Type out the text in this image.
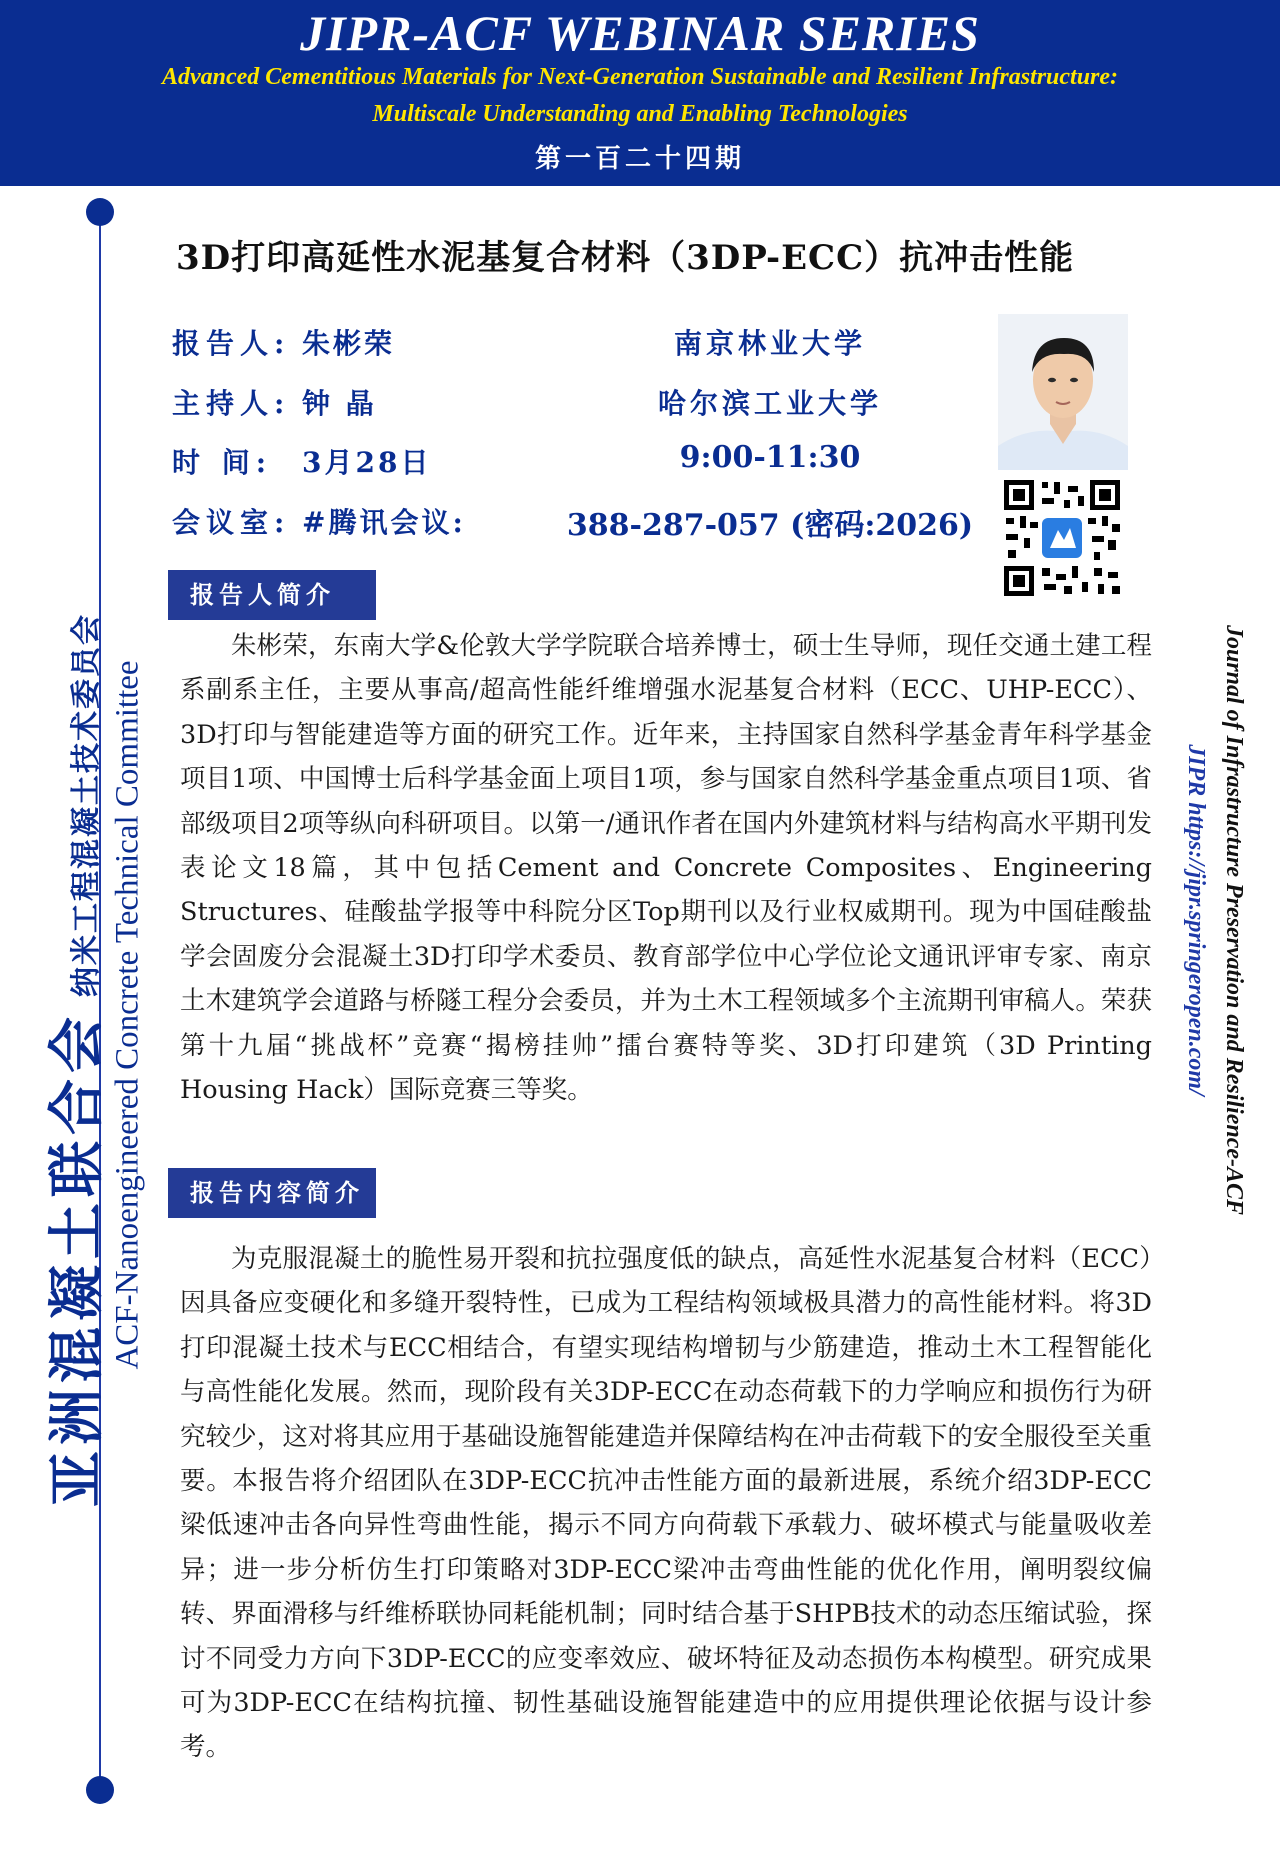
JIPR-ACF WEBINAR SERIES
Advanced Cementitious Materials for Next-Generation Sustainable and Resilient Infrastructure:
Multiscale Understanding and Enabling Technologies
第一百二十四期
亚洲混凝土联合会纳米工程混凝土技术委员会 ACF-Nanoengineered Concrete Technical Committee	Journal of Infrastructure Preservation and Resilience-ACF
JIPR https://jipr.springeropen.com/
3D打印高延性水泥基复合材料（3DP-ECC）抗冲击性能
报告人: 朱彬荣	南京林业大学
主持人: 钟 晶	哈尔滨工业大学
时 间: 3月28日	9:00-11:30
会议室: #腾讯会议:	388-287-057 (密码:2026)
报告人简介
朱彬荣，东南大学&伦敦大学学院联合培养博士，硕士生导师，现任交通土建工程系副系主任，主要从事高/超高性能纤维增强水泥基复合材料（ECC、UHP-ECC）、3D打印与智能建造等方面的研究工作。近年来，主持国家自然科学基金青年科学基金项目1项、中国博士后科学基金面上项目1项，参与国家自然科学基金重点项目1项、省部级项目2项等纵向科研项目。以第一/通讯作者在国内外建筑材料与结构高水平期刊发表论文18篇，其中包括Cement and Concrete Composites、Engineering Structures、硅酸盐学报等中科院分区Top期刊以及行业权威期刊。现为中国硅酸盐学会固废分会混凝土3D打印学术委员、教育部学位中心学位论文通讯评审专家、南京土木建筑学会道路与桥隧工程分会委员，并为土木工程领域多个主流期刊审稿人。荣获第十九届“挑战杯”竞赛“揭榜挂帅”擂台赛特等奖、3D打印建筑（3D Printing Housing Hack）国际竞赛三等奖。
报告内容简介
为克服混凝土的脆性易开裂和抗拉强度低的缺点，高延性水泥基复合材料（ECC）因具备应变硬化和多缝开裂特性，已成为工程结构领域极具潜力的高性能材料。将3D打印混凝土技术与ECC相结合，有望实现结构增韧与少筋建造，推动土木工程智能化与高性能化发展。然而，现阶段有关3DP-ECC在动态荷载下的力学响应和损伤行为研究较少，这对将其应用于基础设施智能建造并保障结构在冲击荷载下的安全服役至关重要。本报告将介绍团队在3DP-ECC抗冲击性能方面的最新进展，系统介绍3DP-ECC梁低速冲击各向异性弯曲性能，揭示不同方向荷载下承载力、破坏模式与能量吸收差异；进一步分析仿生打印策略对3DP-ECC梁冲击弯曲性能的优化作用，阐明裂纹偏转、界面滑移与纤维桥联协同耗能机制；同时结合基于SHPB技术的动态压缩试验，探讨不同受力方向下3DP-ECC的应变率效应、破坏特征及动态损伤本构模型。研究成果可为3DP-ECC在结构抗撞、韧性基础设施智能建造中的应用提供理论依据与设计参考。
